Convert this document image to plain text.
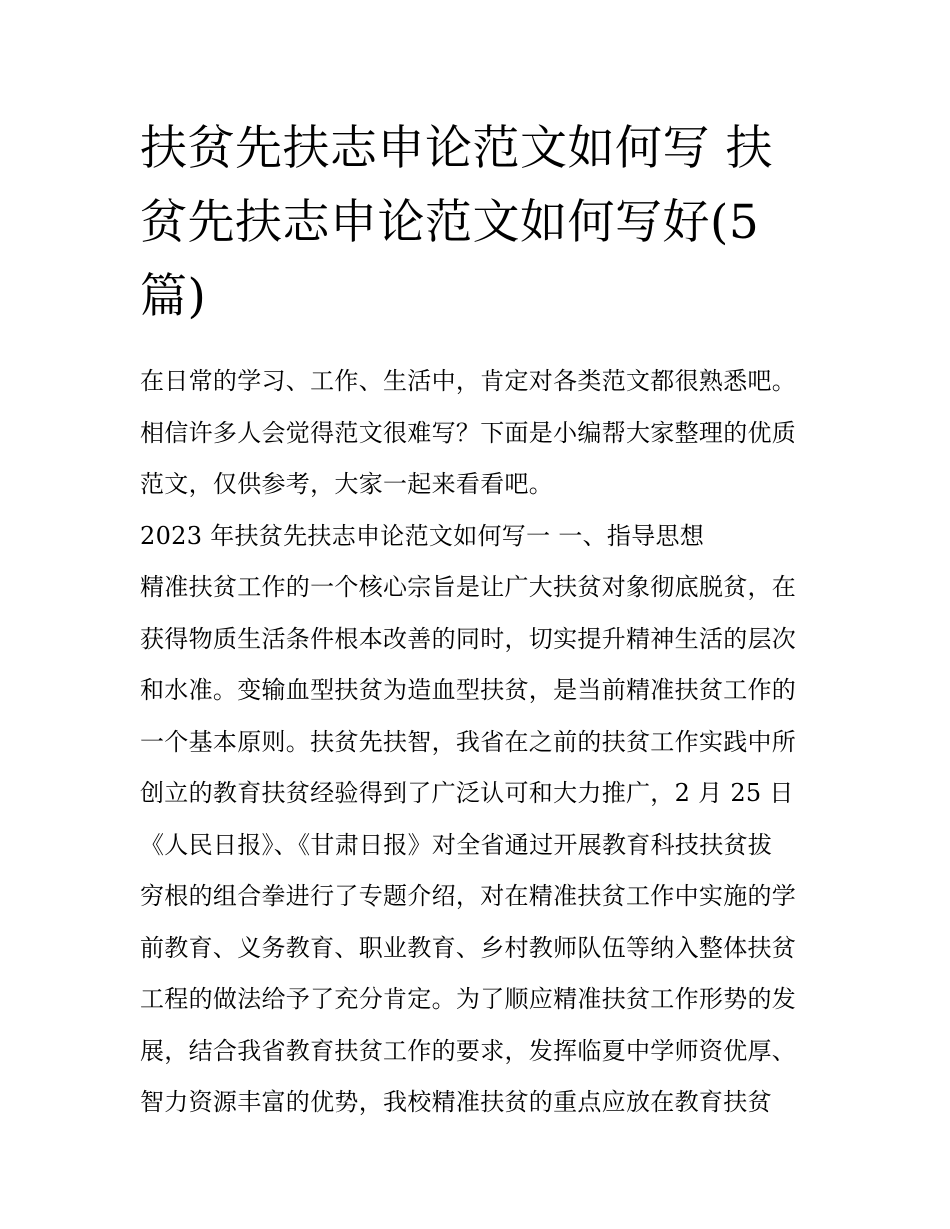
扶贫先扶志申论范文如何写 扶
贫先扶志申论范文如何写好(5
篇)
在日常的学习、工作、生活中，肯定对各类范文都很熟悉吧。
相信许多人会觉得范文很难写？下面是小编帮大家整理的优质
范文，仅供参考，大家一起来看看吧。
2023 年扶贫先扶志申论范文如何写一 一、指导思想
精准扶贫工作的一个核心宗旨是让广大扶贫对象彻底脱贫，在
获得物质生活条件根本改善的同时，切实提升精神生活的层次
和水准。变输血型扶贫为造血型扶贫，是当前精准扶贫工作的
一个基本原则。扶贫先扶智，我省在之前的扶贫工作实践中所
创立的教育扶贫经验得到了广泛认可和大力推广，2 月 25 日
《人民日报》、《甘肃日报》对全省通过开展教育科技扶贫拔
穷根的组合拳进行了专题介绍，对在精准扶贫工作中实施的学
前教育、义务教育、职业教育、乡村教师队伍等纳入整体扶贫
工程的做法给予了充分肯定。为了顺应精准扶贫工作形势的发
展，结合我省教育扶贫工作的要求，发挥临夏中学师资优厚、
智力资源丰富的优势，我校精准扶贫的重点应放在教育扶贫
